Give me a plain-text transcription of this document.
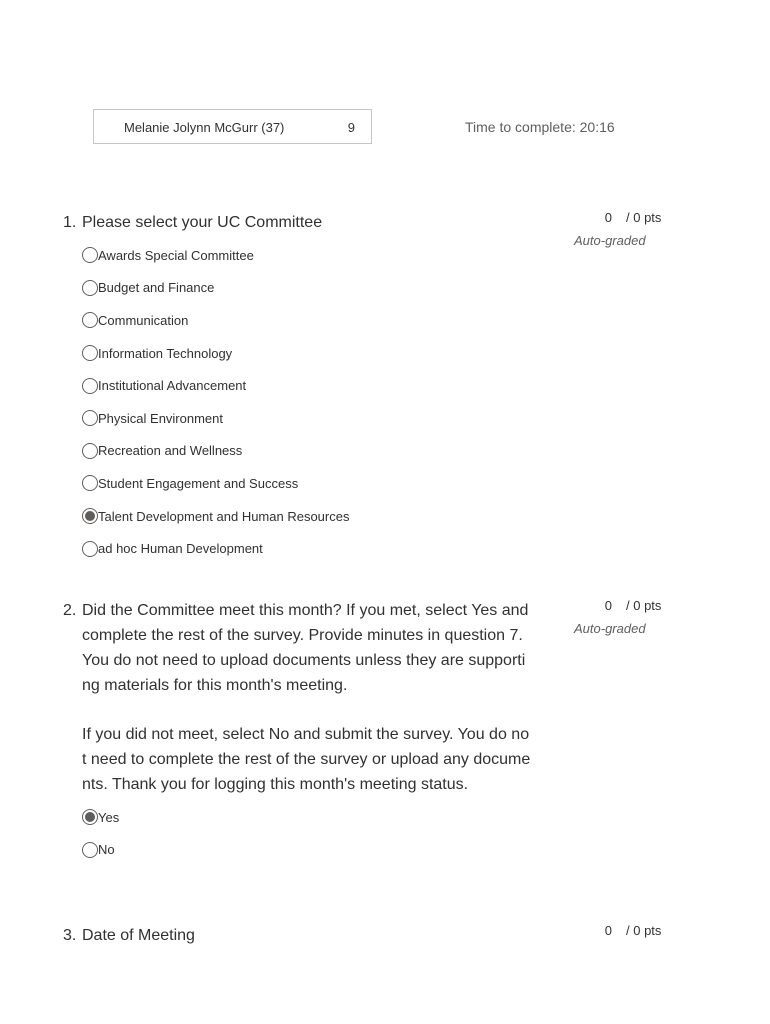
Melanie Jolynn McGurr (37)	9	Time to complete: 20:16
1. Please select your UC Committee	0 / 0 pts
Auto-graded
Awards Special Committee
Budget and Finance
Communication
Information Technology
Institutional Advancement
Physical Environment
Recreation and Wellness
Student Engagement and Success
Talent Development and Human Resources
ad hoc Human Development
2. Did the Committee meet this month? If you met, select Yes and complete the rest of the survey. Provide minutes in question 7. You do not need to upload documents unless they are supporting materials for this month's meeting.

If you did not meet, select No and submit the survey. You do not need to complete the rest of the survey or upload any documents. Thank you for logging this month's meeting status.

0 / 0 pts
Auto-graded
Yes
No
3. Date of Meeting	0 / 0 pts
